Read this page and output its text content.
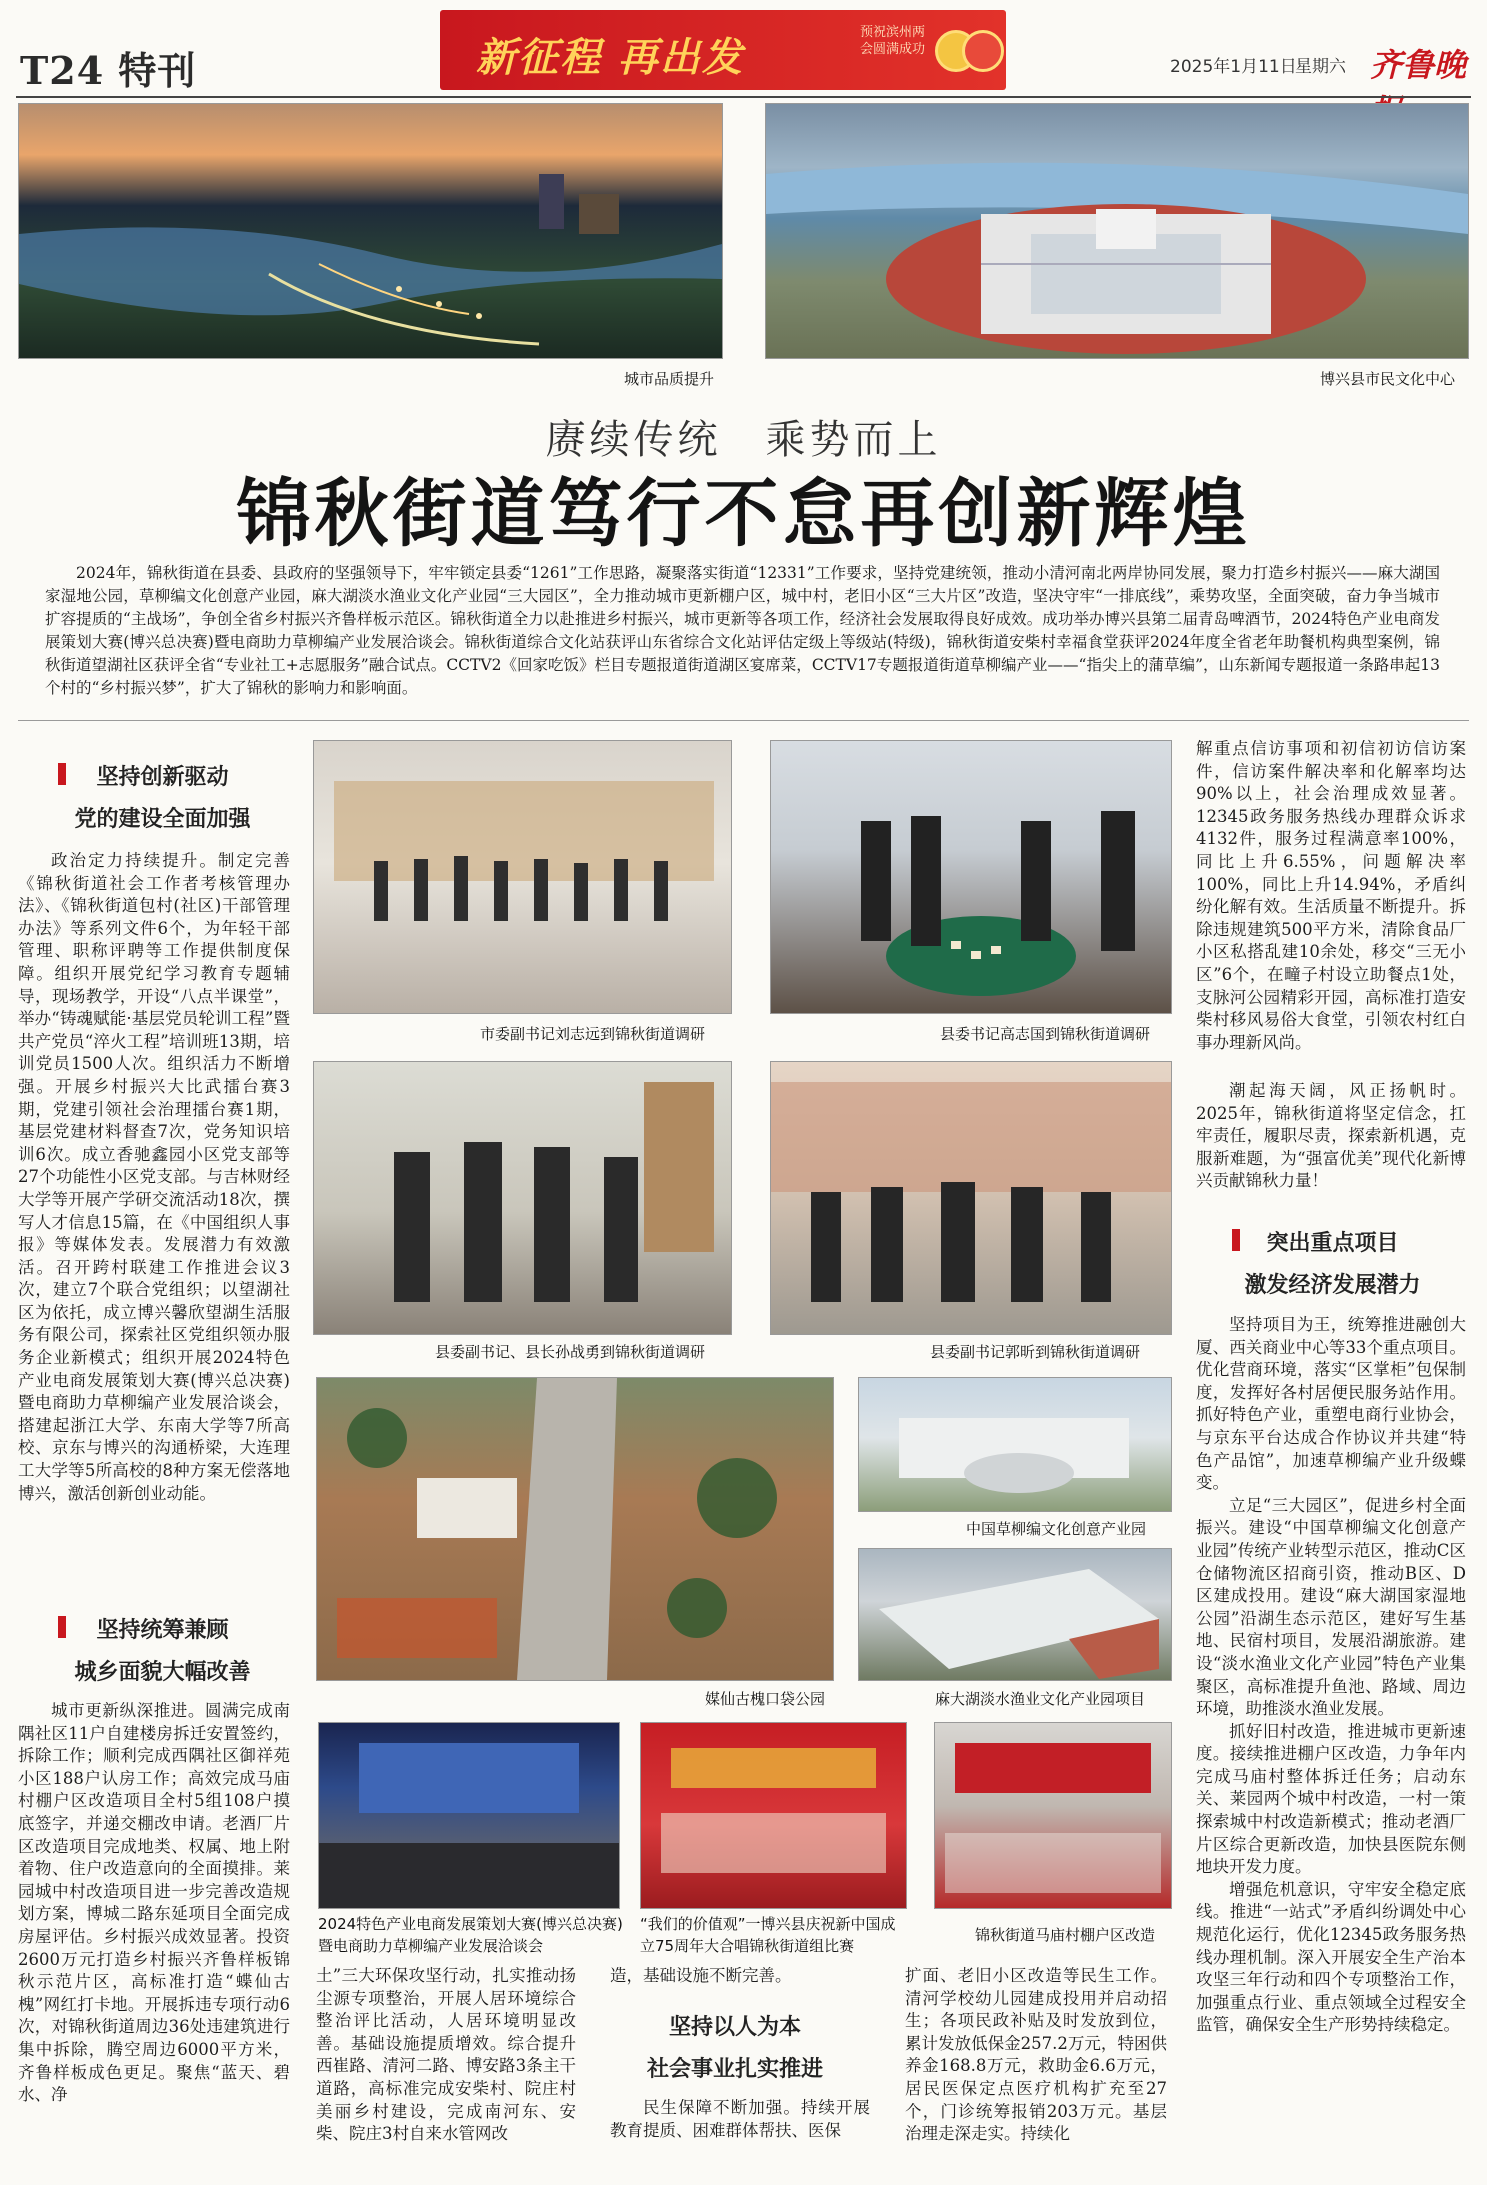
T24 特刊	新征程 再出发
预祝滨州两会圆满成功
2025年1月11日
星期六 齐鲁晚
城市品质提升	博兴县市民文化中心
赓续传统　乘势而上
锦秋街道笃行不怠再创新辉煌
2024年，锦秋街道在县委、县政府的坚强领导下，牢牢锁定县委“1261”工作思路，凝聚落实街道“12331”工作要求，坚持党建统领，推动小清河南北两岸协同发展，聚力打造乡村振兴——麻大湖国家湿地公园，草柳编文化创意产业园，麻大湖淡水渔业文化产业园“三大园区”，全力推动城市更新棚户区，城中村，老旧小区“三大片区”改造，坚决守牢“一排底线”，乘势攻坚，全面突破，奋力争当城市扩容提质的“主战场”，争创全省乡村振兴齐鲁样板示范区。锦秋街道全力以赴推进乡村振兴，城市更新等各项工作，经济社会发展取得良好成效。成功举办博兴县第二届青岛啤酒节，2024特色产业电商发展策划大赛(博兴总决赛)暨电商助力草柳编产业发展洽谈会。锦秋街道综合文化站获评山东省综合文化站评估定级上等级站(特级)，锦秋街道安柴村幸福食堂获评2024年度全省老年助餐机构典型案例，锦秋街道望湖社区获评全省“专业社工+志愿服务”融合试点。CCTV2《回家吃饭》栏目专题报道街道湖区宴席菜，CCTV17专题报道街道草柳编产业——“指尖上的蒲草编”，山东新闻专题报道一条路串起13个村的“乡村振兴梦”，扩大了锦秋的影响力和影响面。
坚持创新驱动
党的建设全面加强

政治定力持续提升。制定完善《锦秋街道社会工作者考核管理办法》、《锦秋街道包村(社区)干部管理办法》等系列文件6个，为年轻干部管理、职称评聘等工作提供制度保障。组织开展党纪学习教育专题辅导，现场教学，开设“八点半课堂”，举办“铸魂赋能·基层党员轮训工程”暨共产党员“淬火工程”培训班13期，培训党员1500人次。组织活力不断增强。开展乡村振兴大比武擂台赛3期，党建引领社会治理擂台赛1期，基层党建材料督查7次，党务知识培训6次。成立香驰鑫园小区党支部等27个功能性小区党支部。与吉林财经大学等开展产学研交流活动18次，撰写人才信息15篇，在《中国组织人事报》等媒体发表。发展潜力有效激活。召开跨村联建工作推进会议3次，建立7个联合党组织；以望湖社区为依托，成立博兴馨欣望湖生活服务有限公司，探索社区党组织领办服务企业新模式；组织开展2024特色产业电商发展策划大赛(博兴总决赛)暨电商助力草柳编产业发展洽谈会，搭建起浙江大学、东南大学等7所高校、京东与博兴的沟通桥梁，大连理工大学等5所高校的8种方案无偿落地博兴，激活创新创业动能。

坚持统筹兼顾
城乡面貌大幅改善

城市更新纵深推进。圆满完成南隅社区11户自建楼房拆迁安置签约，拆除工作；顺利完成西隅社区御祥苑小区188户认房工作；高效完成马庙村棚户区改造项目全村5组108户摸底签字，并递交棚改申请。老酒厂片区改造项目完成地类、权属、地上附着物、住户改造意向的全面摸排。莱园城中村改造项目进一步完善改造规划方案，博城二路东延项目全面完成房屋评估。乡村振兴成效显著。投资2600万元打造乡村振兴齐鲁样板锦秋示范片区，高标准打造“蝶仙古槐”网红打卡地。开展拆违专项行动6次，对锦秋街道周边36处违建筑进行集中拆除，腾空周边6000平方米，齐鲁样板成色更足。聚焦“蓝天、碧水、净

市委副书记刘志远到锦秋街道调研	县委书记高志国到锦秋街道调研
县委副书记、县长孙战勇到锦秋街道调研	县委副书记郭昕到锦秋街道调研
媒仙古槐口袋公园
中国草柳编文化创意产业园
麻大湖淡水渔业文化产业园项目
2024特色产业电商发展策划大赛(博兴总决赛)暨电商助力草柳编产业发展洽谈会
“我们的价值观”一博兴县庆祝新中国成立75周年大合唱锦秋街道组比赛
锦秋街道马庙村棚户区改造

土”三大环保攻坚行动，扎实推动扬尘源专项整治，开展人居环境综合整治评比活动，人居环境明显改善。基础设施提质增效。综合提升西崔路、清河二路、博安路3条主干道路，高标准完成安柴村、院庄村美丽乡村建设，完成南河东、安柴、院庄3村自来水管网改

造，基础设施不断完善。

坚持以人为本
社会事业扎实推进

民生保障不断加强。持续开展教育提质、困难群体帮扶、医保

扩面、老旧小区改造等民生工作。清河学校幼儿园建成投用并启动招生；各项民政补贴及时发放到位，累计发放低保金257.2万元，特困供养金168.8万元，救助金6.6万元，居民医保定点医疗机构扩充至27个，门诊统筹报销203万元。基层治理走深走实。持续化

解重点信访事项和初信初访信访案件，信访案件解决率和化解率均达90%以上，社会治理成效显著。12345政务服务热线办理群众诉求4132件，服务过程满意率100%，同比上升6.55%，问题解决率100%，同比上升14.94%，矛盾纠纷化解有效。生活质量不断提升。拆除违规建筑500平方米，清除食品厂小区私搭乱建10余处，移交“三无小区”6个，在疃子村设立助餐点1处，支脉河公园精彩开园，高标准打造安柴村移风易俗大食堂，引领农村红白事办理新风尚。

潮起海天阔，风正扬帆时。2025年，锦秋街道将坚定信念，扛牢责任，履职尽责，探索新机遇，克服新难题，为“强富优美”现代化新博兴贡献锦秋力量！

突出重点项目
激发经济发展潜力

坚持项目为王，统筹推进融创大厦、西关商业中心等33个重点项目。优化营商环境，落实“区掌柜”包保制度，发挥好各村居便民服务站作用。抓好特色产业，重塑电商行业协会，与京东平台达成合作协议并共建“特色产品馆”，加速草柳编产业升级蝶变。

立足“三大园区”，促进乡村全面振兴。建设“中国草柳编文化创意产业园”传统产业转型示范区，推动C区仓储物流区招商引资，推动B区、D区建成投用。建设“麻大湖国家湿地公园”沿湖生态示范区，建好写生基地、民宿村项目，发展沿湖旅游。建设“淡水渔业文化产业园”特色产业集聚区，高标准提升鱼池、路域、周边环境，助推淡水渔业发展。

抓好旧村改造，推进城市更新速度。接续推进棚户区改造，力争年内完成马庙村整体拆迁任务；启动东关、莱园两个城中村改造，一村一策探索城中村改造新模式；推动老酒厂片区综合更新改造，加快县医院东侧地块开发力度。

增强危机意识，守牢安全稳定底线。推进“一站式”矛盾纠纷调处中心规范化运行，优化12345政务服务热线办理机制。深入开展安全生产治本攻坚三年行动和四个专项整治工作，加强重点行业、重点领域全过程安全监管，确保安全生产形势持续稳定。
